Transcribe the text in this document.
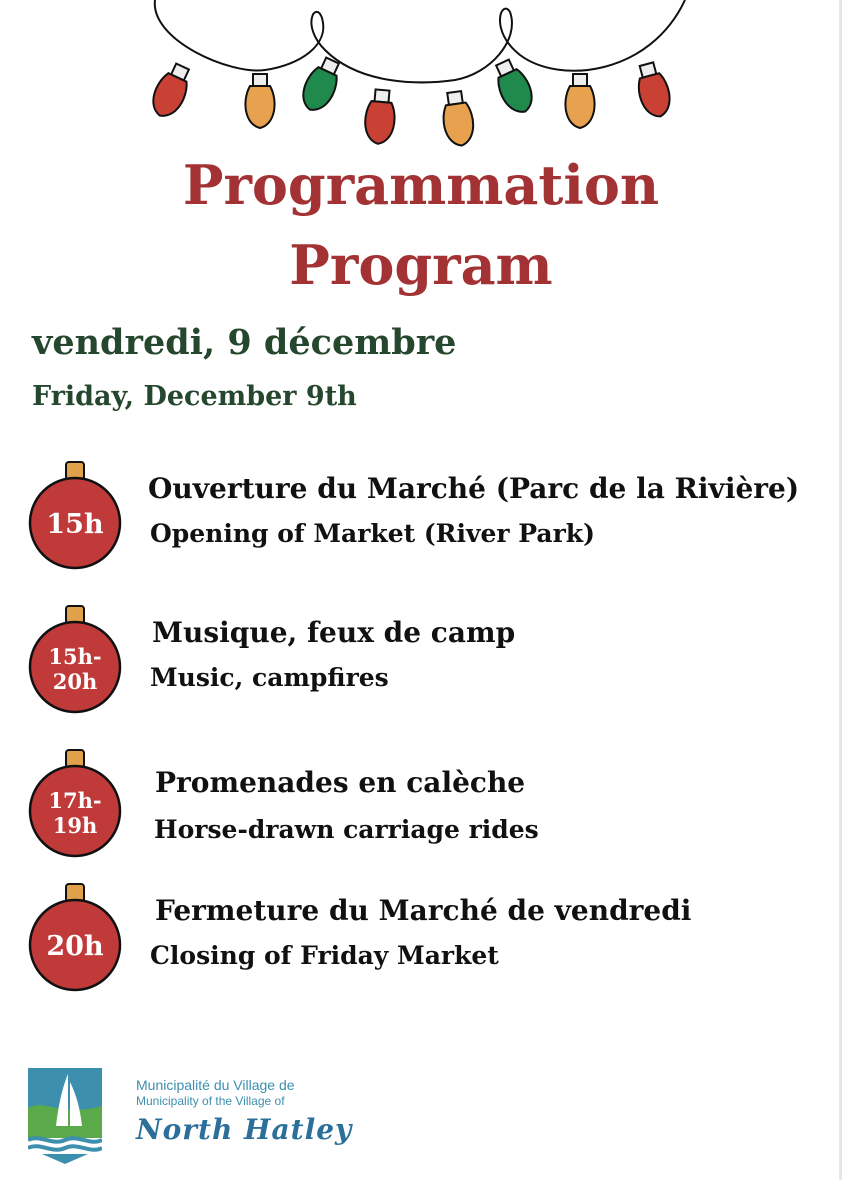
Programmation
Program
vendredi, 9 décembre
Friday, December 9th
15h

Ouverture du Marché (Parc de la Rivière)

Opening of Market (River Park)

15h-20h

Musique, feux de camp

Music, campfires

17h-19h

Promenades en calèche

Horse-drawn carriage rides

20h

Fermeture du Marché de vendredi

Closing of Friday Market

Municipalité du Village de

Municipality of the Village of

North Hatley
